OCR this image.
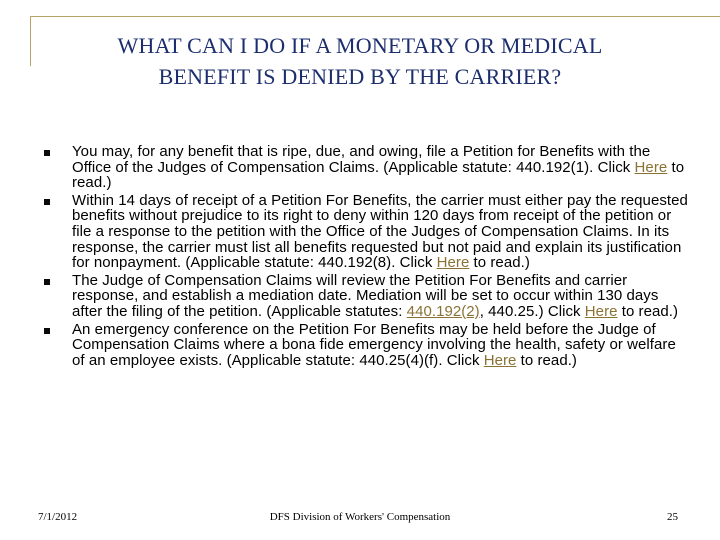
WHAT CAN I DO IF A MONETARY OR MEDICAL
BENEFIT IS DENIED BY THE CARRIER?
You may, for any benefit that is ripe, due, and owing, file a Petition for Benefits with the Office of the Judges of Compensation Claims. (Applicable statute: 440.192(1). Click Here to read.)
Within 14 days of receipt of a Petition For Benefits, the carrier must either pay the requested benefits without prejudice to its right to deny within 120 days from receipt of the petition or file a response to the petition with the Office of the Judges of Compensation Claims. In its response, the carrier must list all benefits requested but not paid and explain its justification for nonpayment. (Applicable statute: 440.192(8). Click Here to read.)
The Judge of Compensation Claims will review the Petition For Benefits and carrier response, and establish a mediation date. Mediation will be set to occur within 130 days after the filing of the petition. (Applicable statutes: 440.192(2), 440.25.) Click Here to read.)
An emergency conference on the Petition For Benefits may be held before the Judge of Compensation Claims where a bona fide emergency involving the health, safety or welfare of an employee exists. (Applicable statute: 440.25(4)(f). Click Here to read.)
7/1/2012	DFS Division of Workers' Compensation	25
